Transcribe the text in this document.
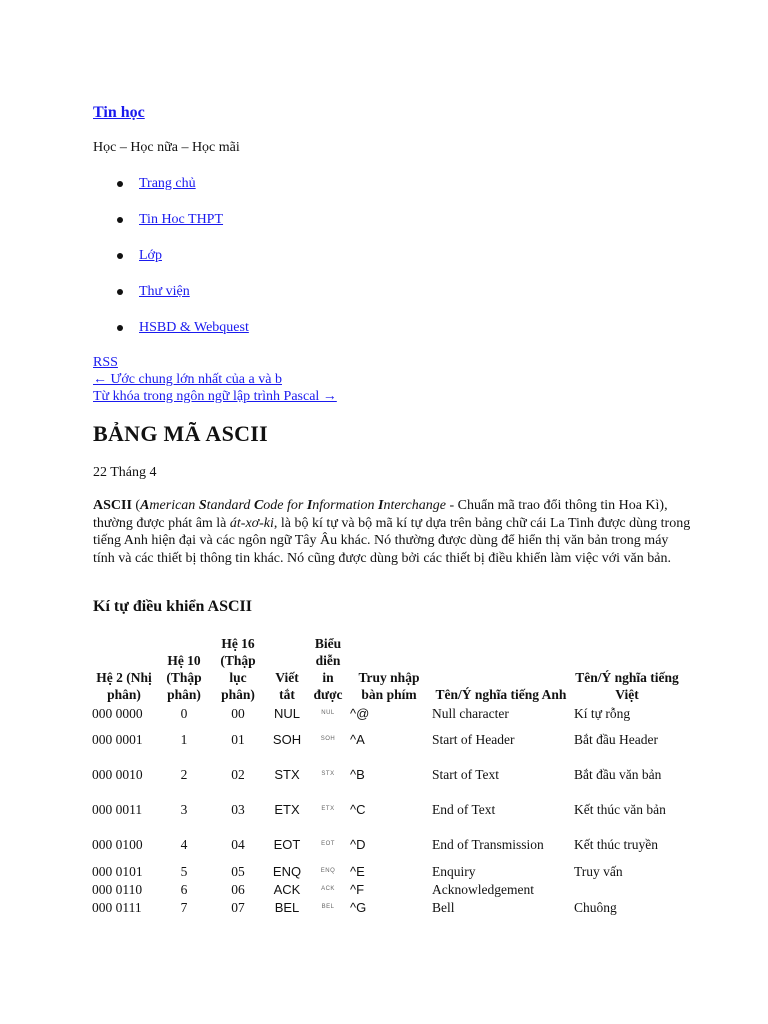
Tin học
Học – Học nữa – Học mãi
Trang chủ
Tin Hoc THPT
Lớp
Thư viện
HSBD & Webquest
RSS
← Ước chung lớn nhất của a và b
Từ khóa trong ngôn ngữ lập trình Pascal →
BẢNG MÃ ASCII
22 Tháng 4
ASCII (American Standard Code for Information Interchange - Chuẩn mã trao đổi thông tin Hoa Kì), thường được phát âm là át-xơ-ki, là bộ kí tự và bộ mã kí tự dựa trên bảng chữ cái La Tinh được dùng trong tiếng Anh hiện đại và các ngôn ngữ Tây Âu khác. Nó thường được dùng để hiển thị văn bản trong máy tính và các thiết bị thông tin khác. Nó cũng được dùng bởi các thiết bị điều khiển làm việc với văn bản.
Kí tự điều khiển ASCII
Hệ 2 (Nhị phân)	Hệ 10 (Thập phân)	Hệ 16 (Thập lục phân)	Viết tắt	Biểu diễn in được	Truy nhập bàn phím	Tên/Ý nghĩa tiếng Anh	Tên/Ý nghĩa tiếng Việt
000 0000	0	00	NUL	NUL	^@	Null character	Kí tự rỗng
000 0001	1	01	SOH	SOH	^A	Start of Header	Bắt đầu Header
000 0010	2	02	STX	STX	^B	Start of Text	Bắt đầu văn bản
000 0011	3	03	ETX	ETX	^C	End of Text	Kết thúc văn bản
000 0100	4	04	EOT	EOT	^D	End of Transmission	Kết thúc truyền
000 0101	5	05	ENQ	ENQ	^E	Enquiry	Truy vấn
000 0110	6	06	ACK	ACK	^F	Acknowledgement	
000 0111	7	07	BEL	BEL	^G	Bell	Chuông
